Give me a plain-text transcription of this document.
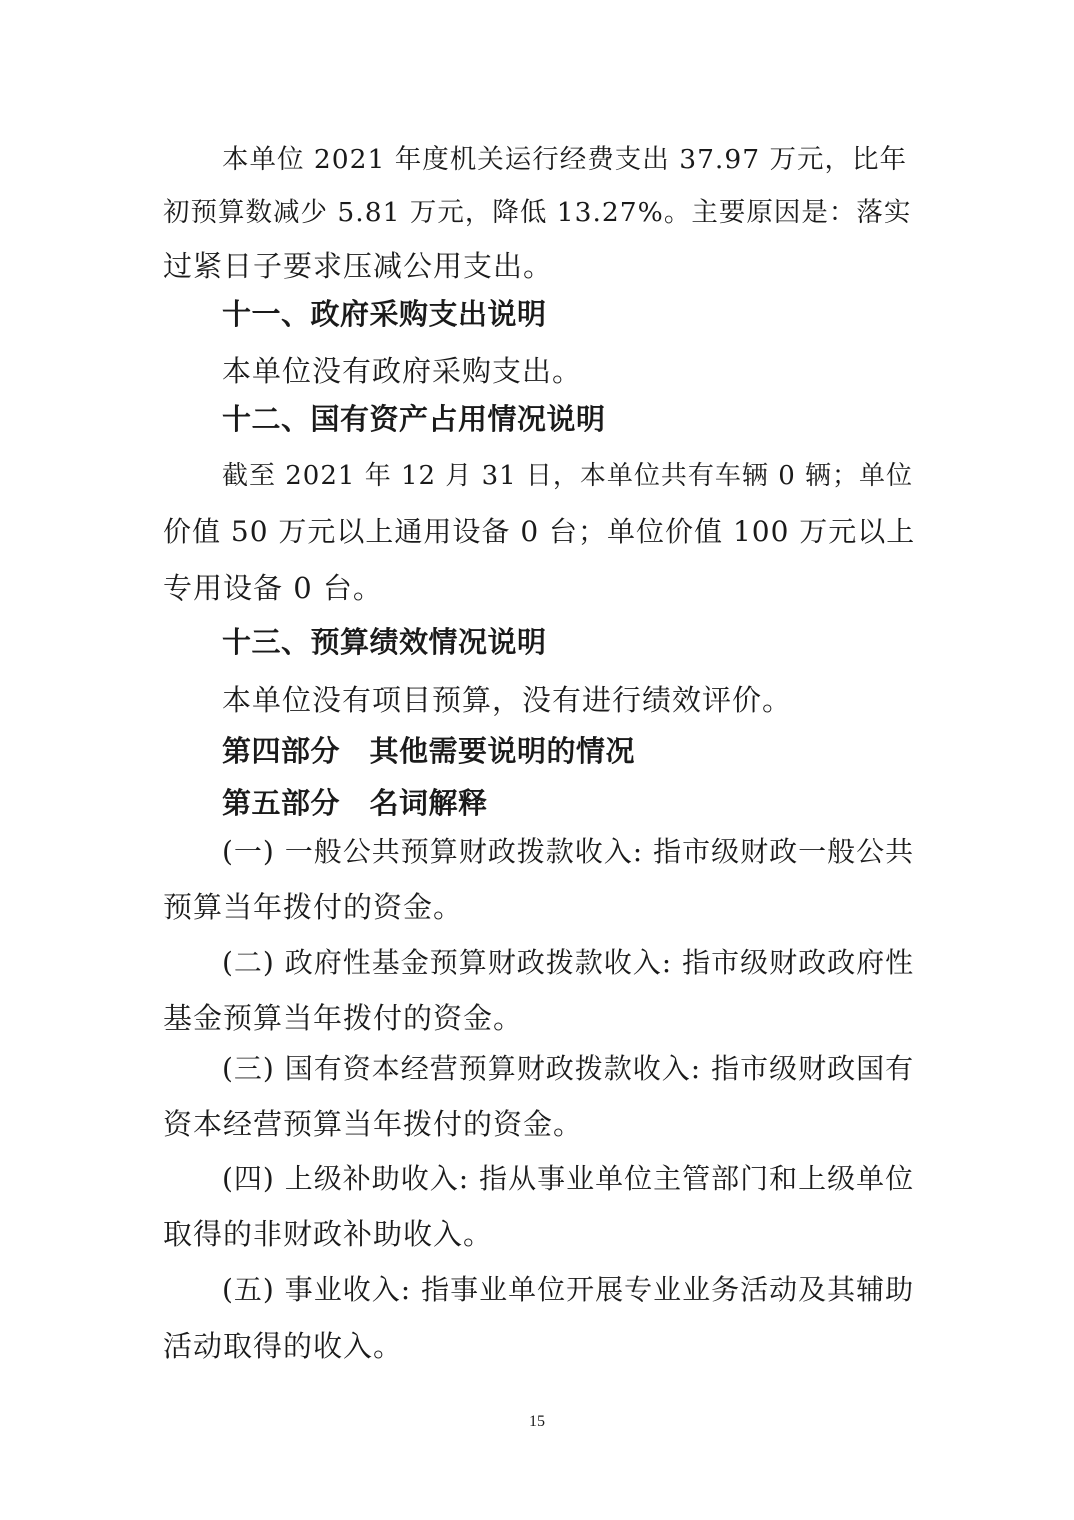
本单位 2021 年度机关运行经费支出 37.97 万元，比年
初预算数减少 5.81 万元，降低 13.27%。主要原因是：落实
过紧日子要求压减公用支出。
十一、政府采购支出说明
本单位没有政府采购支出。
十二、国有资产占用情况说明
截至 2021 年 12 月 31 日，本单位共有车辆 0 辆；单位
价值 50 万元以上通用设备 0 台；单位价值 100 万元以上
专用设备 0 台。
十三、预算绩效情况说明
本单位没有项目预算，没有进行绩效评价。
第四部分　其他需要说明的情况
第五部分　名词解释
(一) 一般公共预算财政拨款收入: 指市级财政一般公共
预算当年拨付的资金。
(二) 政府性基金预算财政拨款收入: 指市级财政政府性
基金预算当年拨付的资金。
(三) 国有资本经营预算财政拨款收入: 指市级财政国有
资本经营预算当年拨付的资金。
(四) 上级补助收入: 指从事业单位主管部门和上级单位
取得的非财政补助收入。
(五) 事业收入: 指事业单位开展专业业务活动及其辅助
活动取得的收入。
15
